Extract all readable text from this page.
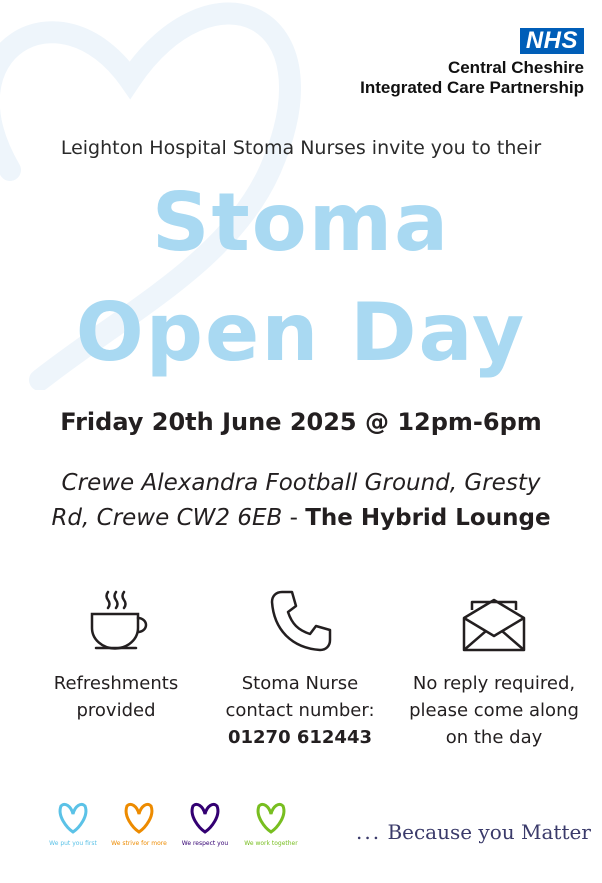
NHS
Central Cheshire
Integrated Care Partnership
Leighton Hospital Stoma Nurses invite you to their
Stoma
Open Day
Friday 20th June 2025 @ 12pm-6pm
Crewe Alexandra Football Ground, Gresty
Rd, Crewe CW2 6EB - The Hybrid Lounge
Refreshments
provided
Stoma Nurse
contact number:
01270 612443
No reply required,
please come along
on the day
We put you first	We strive for more	We respect you	We work together	... Because you Matter
